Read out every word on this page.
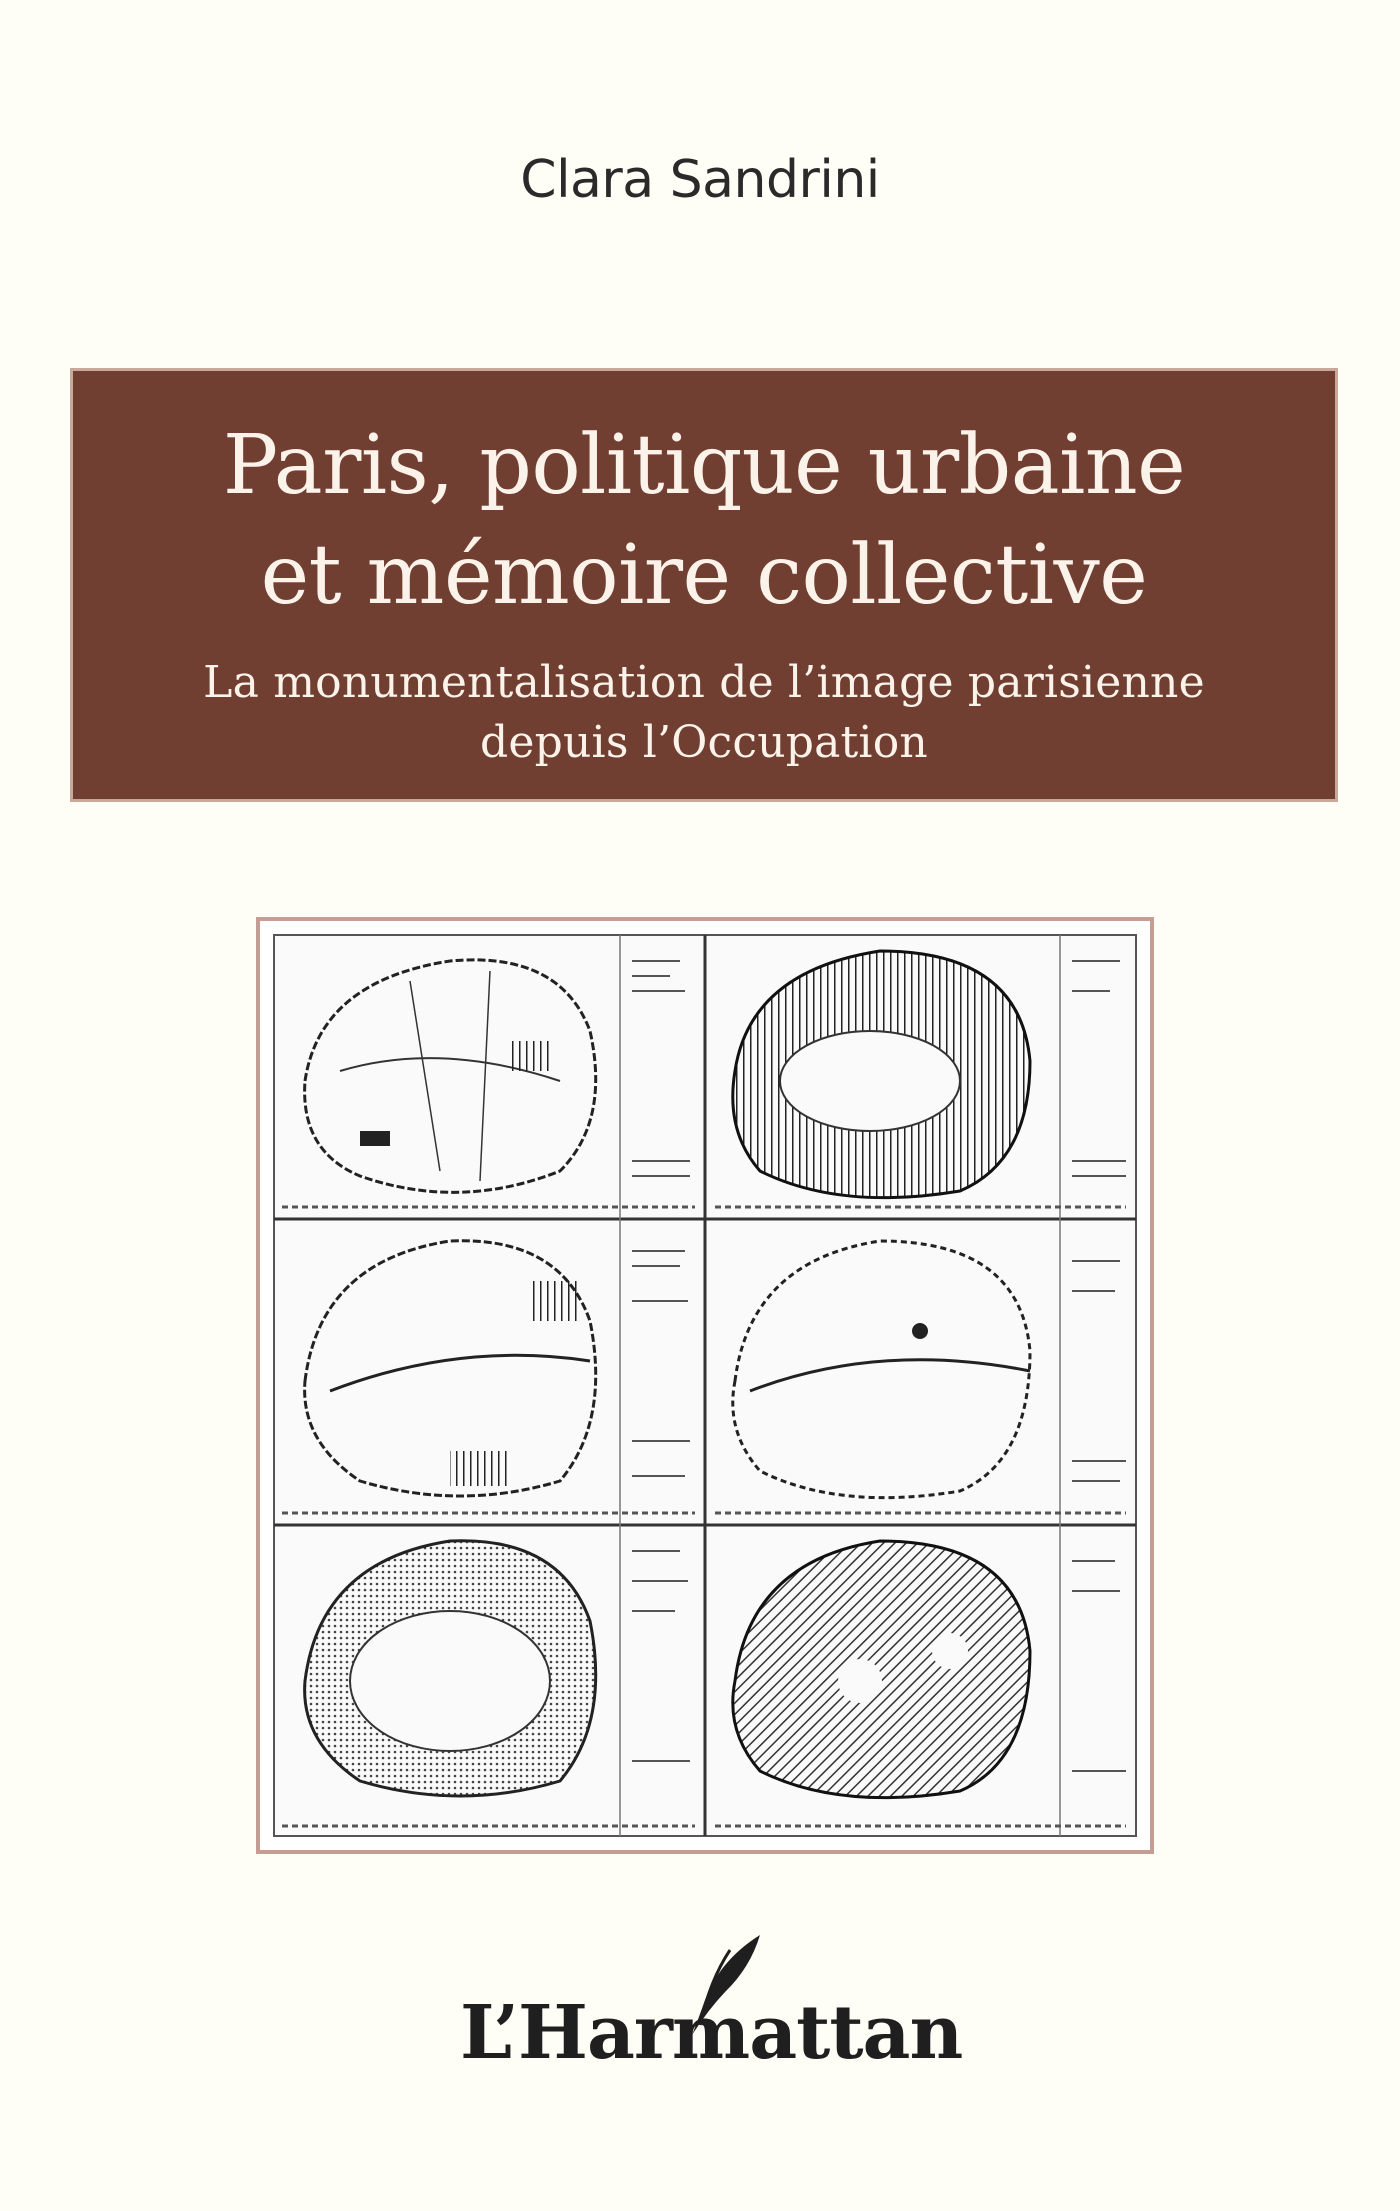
Clara Sandrini
Paris, politique urbaine
et mémoire collective
La monumentalisation de l’image parisienne
depuis l’Occupation
L’Harmattan
